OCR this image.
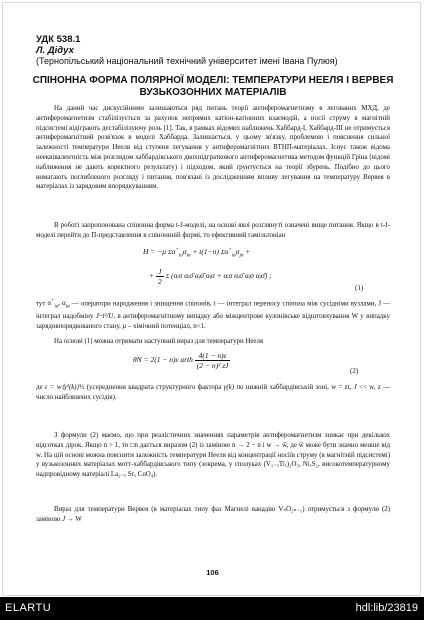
УДК 538.1
Л. Дідух
(Тернопільський національний технічний університет імені Івана Пулюя)
СПІНОННА ФОРМА ПОЛЯРНОЇ МОДЕЛІ: ТЕМПЕРАТУРИ НЕЕЛЯ І ВЕРВЕЯ ВУЗЬКОЗОННИХ МАТЕРІАЛІВ
На даний час дискусійними залишаються ряд питань теорії антиферомагнетизму в легованих МХД, де антиферомагнетизм стабілізується за рахунок непрямих катіон-катіонних взаємодій, а носії струму в магнітній підсистемі відіграють дестабілізуючу роль [1]. Так, в рамках відомих наближень Хаббард-І, Хаббард-ІІІ не отримується антиферомагнітний розв'язок в моделі Хаббарда. Залишається, у цьому зв'язку, проблемою і пояснення сильної залежності температури Нееля від ступеня легування у антиферомагнітних ВТНП-матеріалах. Існує також відома нееквівалентність між розглядом хаббардівського двохпідграткового антиферомагнетика методом функцій Гріна (відомі наближення не дають коректного результату) і підходом, який ґрунтується на теорії збурень. Подібно до цього вимагають поглибленого розгляду і питання, пов'язані із дослідженням впливу легування на температуру Вервея в матеріалах із зарядовим впорядкуванням.
В роботі запропонована спінонна форма t-J-моделі, на основі якої розглянуті означені вище питання. Якщо в t-J-моделі перейти до Π-представлення в спіноннній формі, то ефективний гамільтоніан
H = −μ $\Sigma\alpha^+_{i\sigma}\alpha_{i\sigma} + t(1-n) \Sigma\alpha^+_{i\sigma}\alpha_{j\sigma}$ +
+ $\frac{J}{2}$ Σ (αᵢσ αᵢσ̄ αⱼσ̄ αⱼσ + αᵢσ αᵢσ̄ αⱼσ αⱼσ̄) ;
(1)
тут $\alpha^+_{i\sigma}$, $\alpha_{i\sigma}$ — оператори народження і знищення спінонів, t — інтеграл переносу спінона між сусідніми вузлами, J — інтеграл надобміну J~t²/U, в антиферомагнітному випадку або міжцентрове кулонівське відштовхування W у випадку зарядовпорядкованого стану, μ – хімічний потенціал, n<1.
На основі (1) можна отримати наступний вираз для температури Нееля
θN = 2(1 − n)ε arth $\frac{4(1 - n)\varepsilon}{\text{(2 − n)² zJ}}$
(2)
де ε = w⟨γ²(k)⟩½ (усереднення квадрата структурного фактора γ(k) по нижній хаббардівській зоні, w = zt, J << w, z — число найближчих сусідів).
З формули (2) маємо, що при реалістичних значеннях параметрів антиферомагнетизм зникає при декількох відсотках дірок. Якщо n > 1, то □n дається виразом (2) із заміною n → 2 − n і w → w̃, де w̃ може бути значно менше від w. На цій основі можна пояснити залежність температури Нееля від концентрації носіїв струму (в магнітній підсистемі) у вузькозонних матеріалах мотт-хаббардівського типу (зокрема, у сполуках (V₁₋ₓTiₓ)₂O₃, NiₓS₂, високотемпературному надпровідному матеріалі La₂₋ₓ Srₓ CuO₄).
Вираз для температури Вервея (в матеріалах типу фаз Магнелі ванадію VₙO₂ₙ₋₁) отримується з формули (2) заміною J → W
106
ELARTU	hdl:lib/23819
